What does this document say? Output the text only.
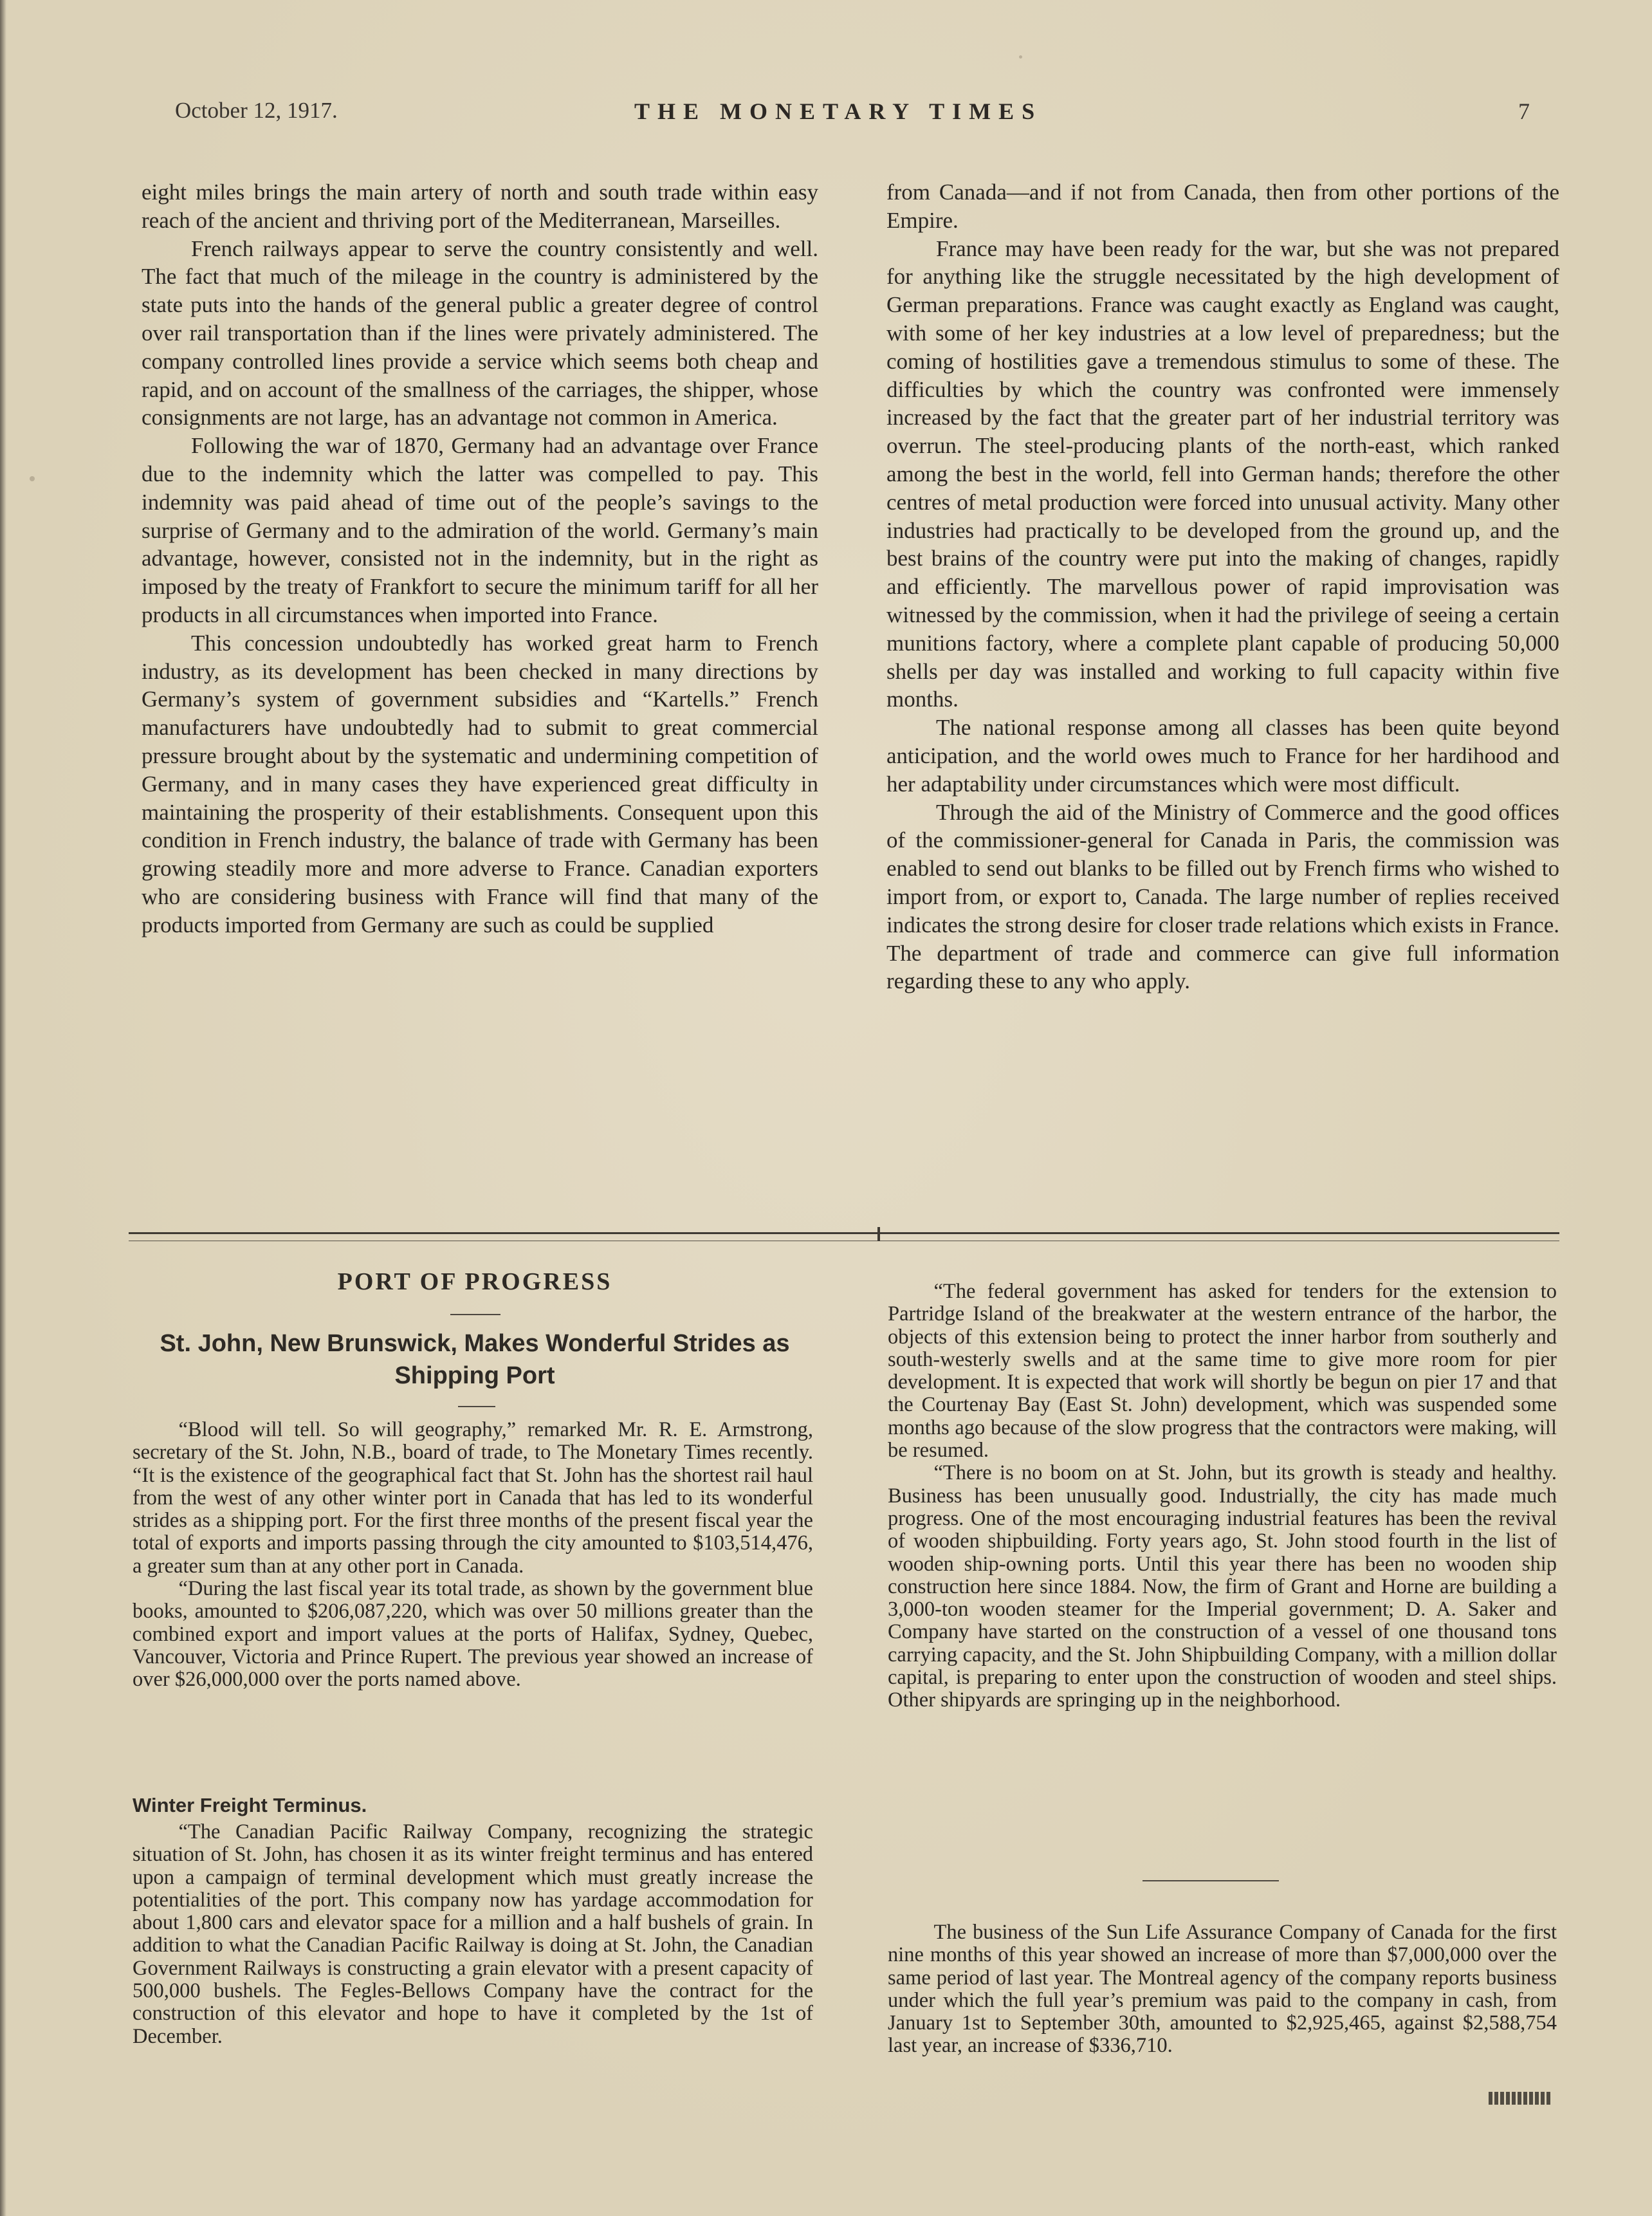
October 12, 1917.	THE MONETARY TIMES	7

eight miles brings the main artery of north and south trade within easy reach of the ancient and thriving port of the Mediterranean, Marseilles.

French railways appear to serve the country consistently and well. The fact that much of the mileage in the country is administered by the state puts into the hands of the general public a greater degree of control over rail transportation than if the lines were privately administered. The company controlled lines provide a service which seems both cheap and rapid, and on account of the smallness of the carriages, the shipper, whose consignments are not large, has an advantage not common in America.

Following the war of 1870, Germany had an advantage over France due to the indemnity which the latter was compelled to pay. This indemnity was paid ahead of time out of the people’s savings to the surprise of Germany and to the admiration of the world. Germany’s main advantage, however, consisted not in the indemnity, but in the right as imposed by the treaty of Frankfort to secure the minimum tariff for all her products in all circumstances when imported into France.

This concession undoubtedly has worked great harm to French industry, as its development has been checked in many directions by Germany’s system of government subsidies and “Kartells.” French manufacturers have undoubtedly had to submit to great commercial pressure brought about by the systematic and undermining competition of Germany, and in many cases they have experienced great difficulty in maintaining the prosperity of their establishments. Consequent upon this condition in French industry, the balance of trade with Germany has been growing steadily more and more adverse to France. Canadian exporters who are considering business with France will find that many of the products imported from Germany are such as could be supplied

from Canada—and if not from Canada, then from other portions of the Empire.

France may have been ready for the war, but she was not prepared for anything like the struggle necessitated by the high development of German preparations. France was caught exactly as England was caught, with some of her key industries at a low level of preparedness; but the coming of hostilities gave a tremendous stimulus to some of these. The difficulties by which the country was confronted were immensely increased by the fact that the greater part of her industrial territory was overrun. The steel-producing plants of the north-east, which ranked among the best in the world, fell into German hands; therefore the other centres of metal production were forced into unusual activity. Many other industries had practically to be developed from the ground up, and the best brains of the country were put into the making of changes, rapidly and efficiently. The marvellous power of rapid improvisation was witnessed by the commission, when it had the privilege of seeing a certain munitions factory, where a complete plant capable of producing 50,000 shells per day was installed and working to full capacity within five months.

The national response among all classes has been quite beyond anticipation, and the world owes much to France for her hardihood and her adaptability under circumstances which were most difficult.

Through the aid of the Ministry of Commerce and the good offices of the commissioner-general for Canada in Paris, the commission was enabled to send out blanks to be filled out by French firms who wished to import from, or export to, Canada. The large number of replies received indicates the strong desire for closer trade relations which exists in France. The department of trade and commerce can give full information regarding these to any who apply.

PORT OF PROGRESS
St. John, New Brunswick, Makes Wonderful Strides as Shipping Port

“Blood will tell. So will geography,” remarked Mr. R. E. Armstrong, secretary of the St. John, N.B., board of trade, to The Monetary Times recently. “It is the existence of the geographical fact that St. John has the shortest rail haul from the west of any other winter port in Canada that has led to its wonderful strides as a shipping port. For the first three months of the present fiscal year the total of exports and imports passing through the city amounted to $103,514,476, a greater sum than at any other port in Canada.

“During the last fiscal year its total trade, as shown by the government blue books, amounted to $206,087,220, which was over 50 millions greater than the combined export and import values at the ports of Halifax, Sydney, Quebec, Vancouver, Victoria and Prince Rupert. The previous year showed an increase of over $26,000,000 over the ports named above.

Winter Freight Terminus.

“The Canadian Pacific Railway Company, recognizing the strategic situation of St. John, has chosen it as its winter freight terminus and has entered upon a campaign of terminal development which must greatly increase the potentialities of the port. This company now has yardage accommodation for about 1,800 cars and elevator space for a million and a half bushels of grain. In addition to what the Canadian Pacific Railway is doing at St. John, the Canadian Government Railways is constructing a grain elevator with a present capacity of 500,000 bushels. The Fegles-Bellows Company have the contract for the construction of this elevator and hope to have it completed by the 1st of December.

“The federal government has asked for tenders for the extension to Partridge Island of the breakwater at the western entrance of the harbor, the objects of this extension being to protect the inner harbor from southerly and south-westerly swells and at the same time to give more room for pier development. It is expected that work will shortly be begun on pier 17 and that the Courtenay Bay (East St. John) development, which was suspended some months ago because of the slow progress that the contractors were making, will be resumed.

“There is no boom on at St. John, but its growth is steady and healthy. Business has been unusually good. Industrially, the city has made much progress. One of the most encouraging industrial features has been the revival of wooden shipbuilding. Forty years ago, St. John stood fourth in the list of wooden ship-owning ports. Until this year there has been no wooden ship construction here since 1884. Now, the firm of Grant and Horne are building a 3,000-ton wooden steamer for the Imperial government; D. A. Saker and Company have started on the construction of a vessel of one thousand tons carrying capacity, and the St. John Shipbuilding Company, with a million dollar capital, is preparing to enter upon the construction of wooden and steel ships. Other shipyards are springing up in the neighborhood.

The business of the Sun Life Assurance Company of Canada for the first nine months of this year showed an increase of more than $7,000,000 over the same period of last year. The Montreal agency of the company reports business under which the full year’s premium was paid to the company in cash, from January 1st to September 30th, amounted to $2,925,465, against $2,588,754 last year, an increase of $336,710.
